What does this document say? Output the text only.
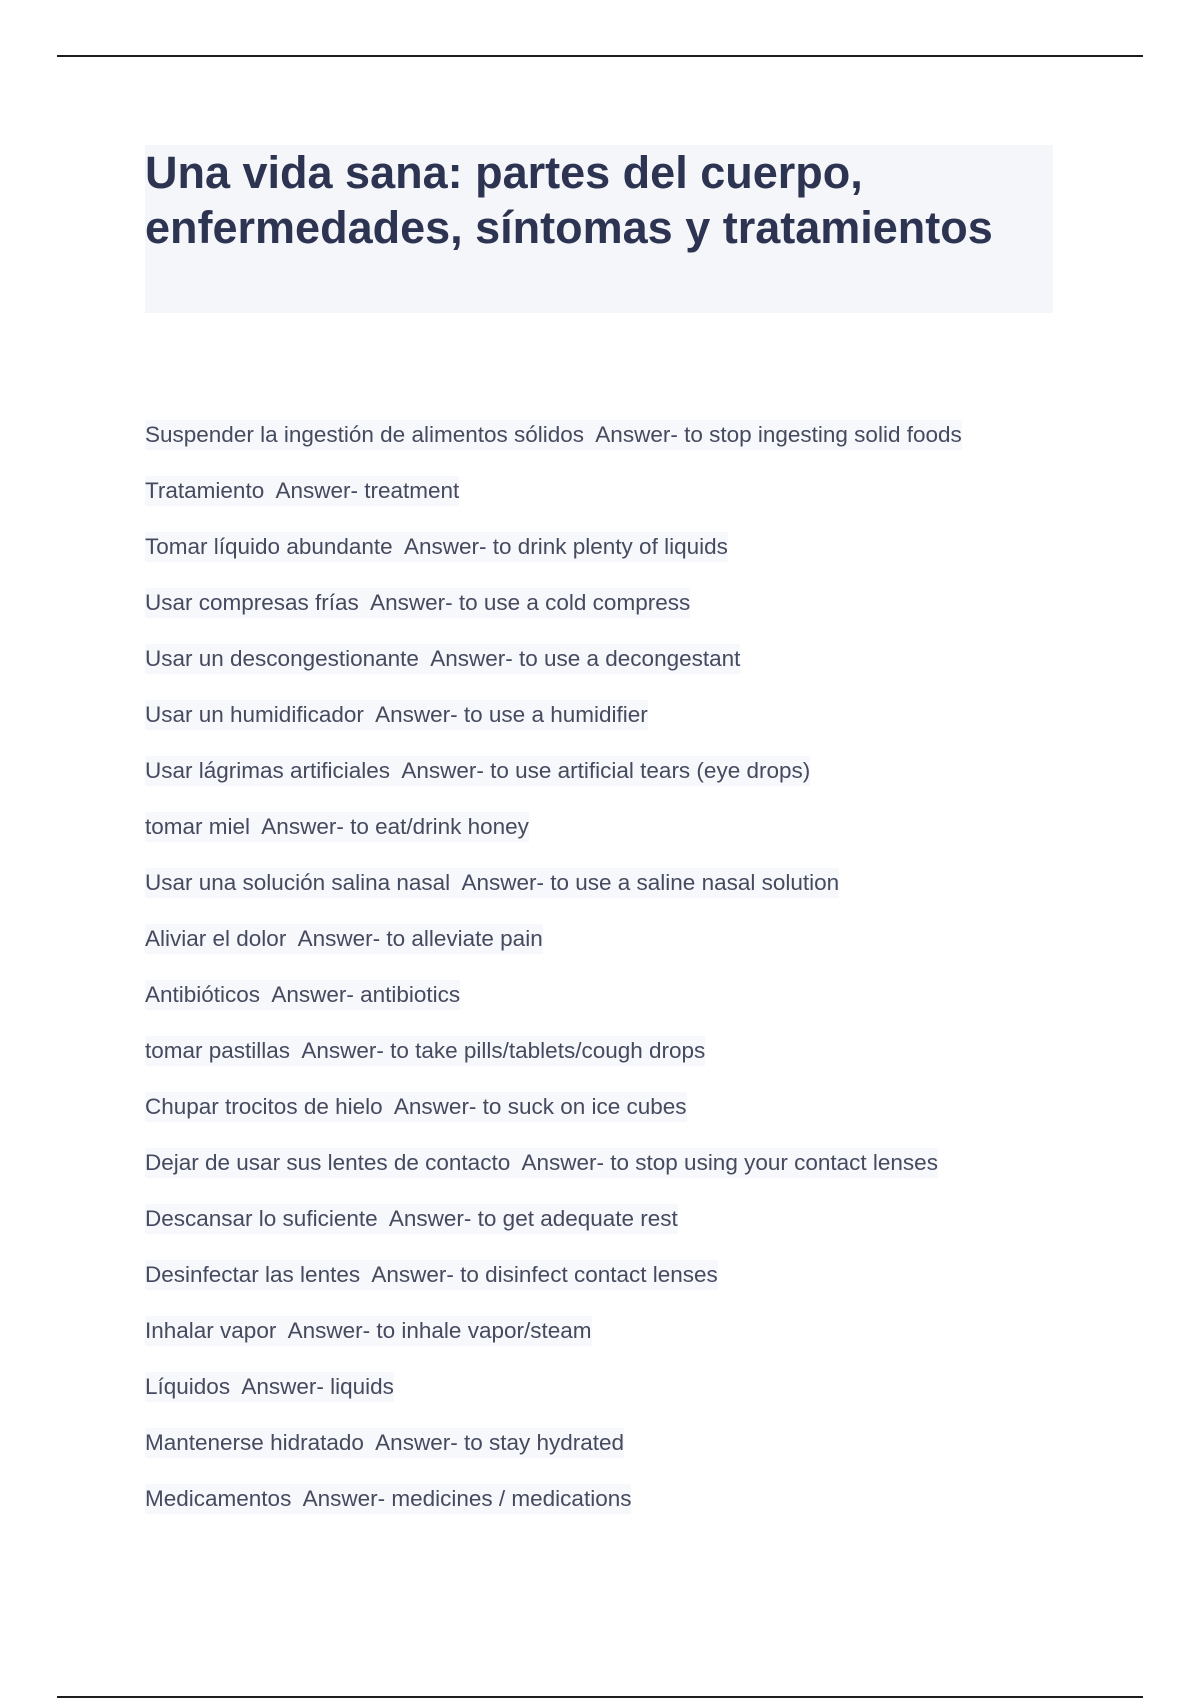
Una vida sana: partes del cuerpo, enfermedades, síntomas y tratamientos
Suspender la ingestión de alimentos sólidos Answer- to stop ingesting solid foods
Tratamiento Answer- treatment
Tomar líquido abundante Answer- to drink plenty of liquids
Usar compresas frías Answer- to use a cold compress
Usar un descongestionante Answer- to use a decongestant
Usar un humidificador Answer- to use a humidifier
Usar lágrimas artificiales Answer- to use artificial tears (eye drops)
tomar miel Answer- to eat/drink honey
Usar una solución salina nasal Answer- to use a saline nasal solution
Aliviar el dolor Answer- to alleviate pain
Antibióticos Answer- antibiotics
tomar pastillas Answer- to take pills/tablets/cough drops
Chupar trocitos de hielo Answer- to suck on ice cubes
Dejar de usar sus lentes de contacto Answer- to stop using your contact lenses
Descansar lo suficiente Answer- to get adequate rest
Desinfectar las lentes Answer- to disinfect contact lenses
Inhalar vapor Answer- to inhale vapor/steam
Líquidos Answer- liquids
Mantenerse hidratado Answer- to stay hydrated
Medicamentos Answer- medicines / medications
